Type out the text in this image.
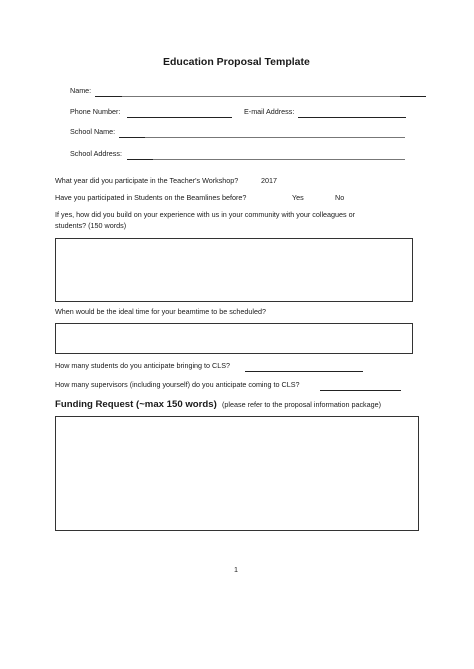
Education Proposal Template
Name:
Phone Number:	E-mail Address:
School Name:
School Address:
What year did you participate in the Teacher's Workshop?	2017
Have you participated in Students on the Beamlines before?	Yes	No
If yes, how did you build on your experience with us in your community with your colleagues or
students? (150 words)
When would be the ideal time for your beamtime to be scheduled?
How many students do you anticipate bringing to CLS?
How many supervisors (including yourself) do you anticipate coming to CLS?
Funding Request (~max 150 words) (please refer to the proposal information package)
1
